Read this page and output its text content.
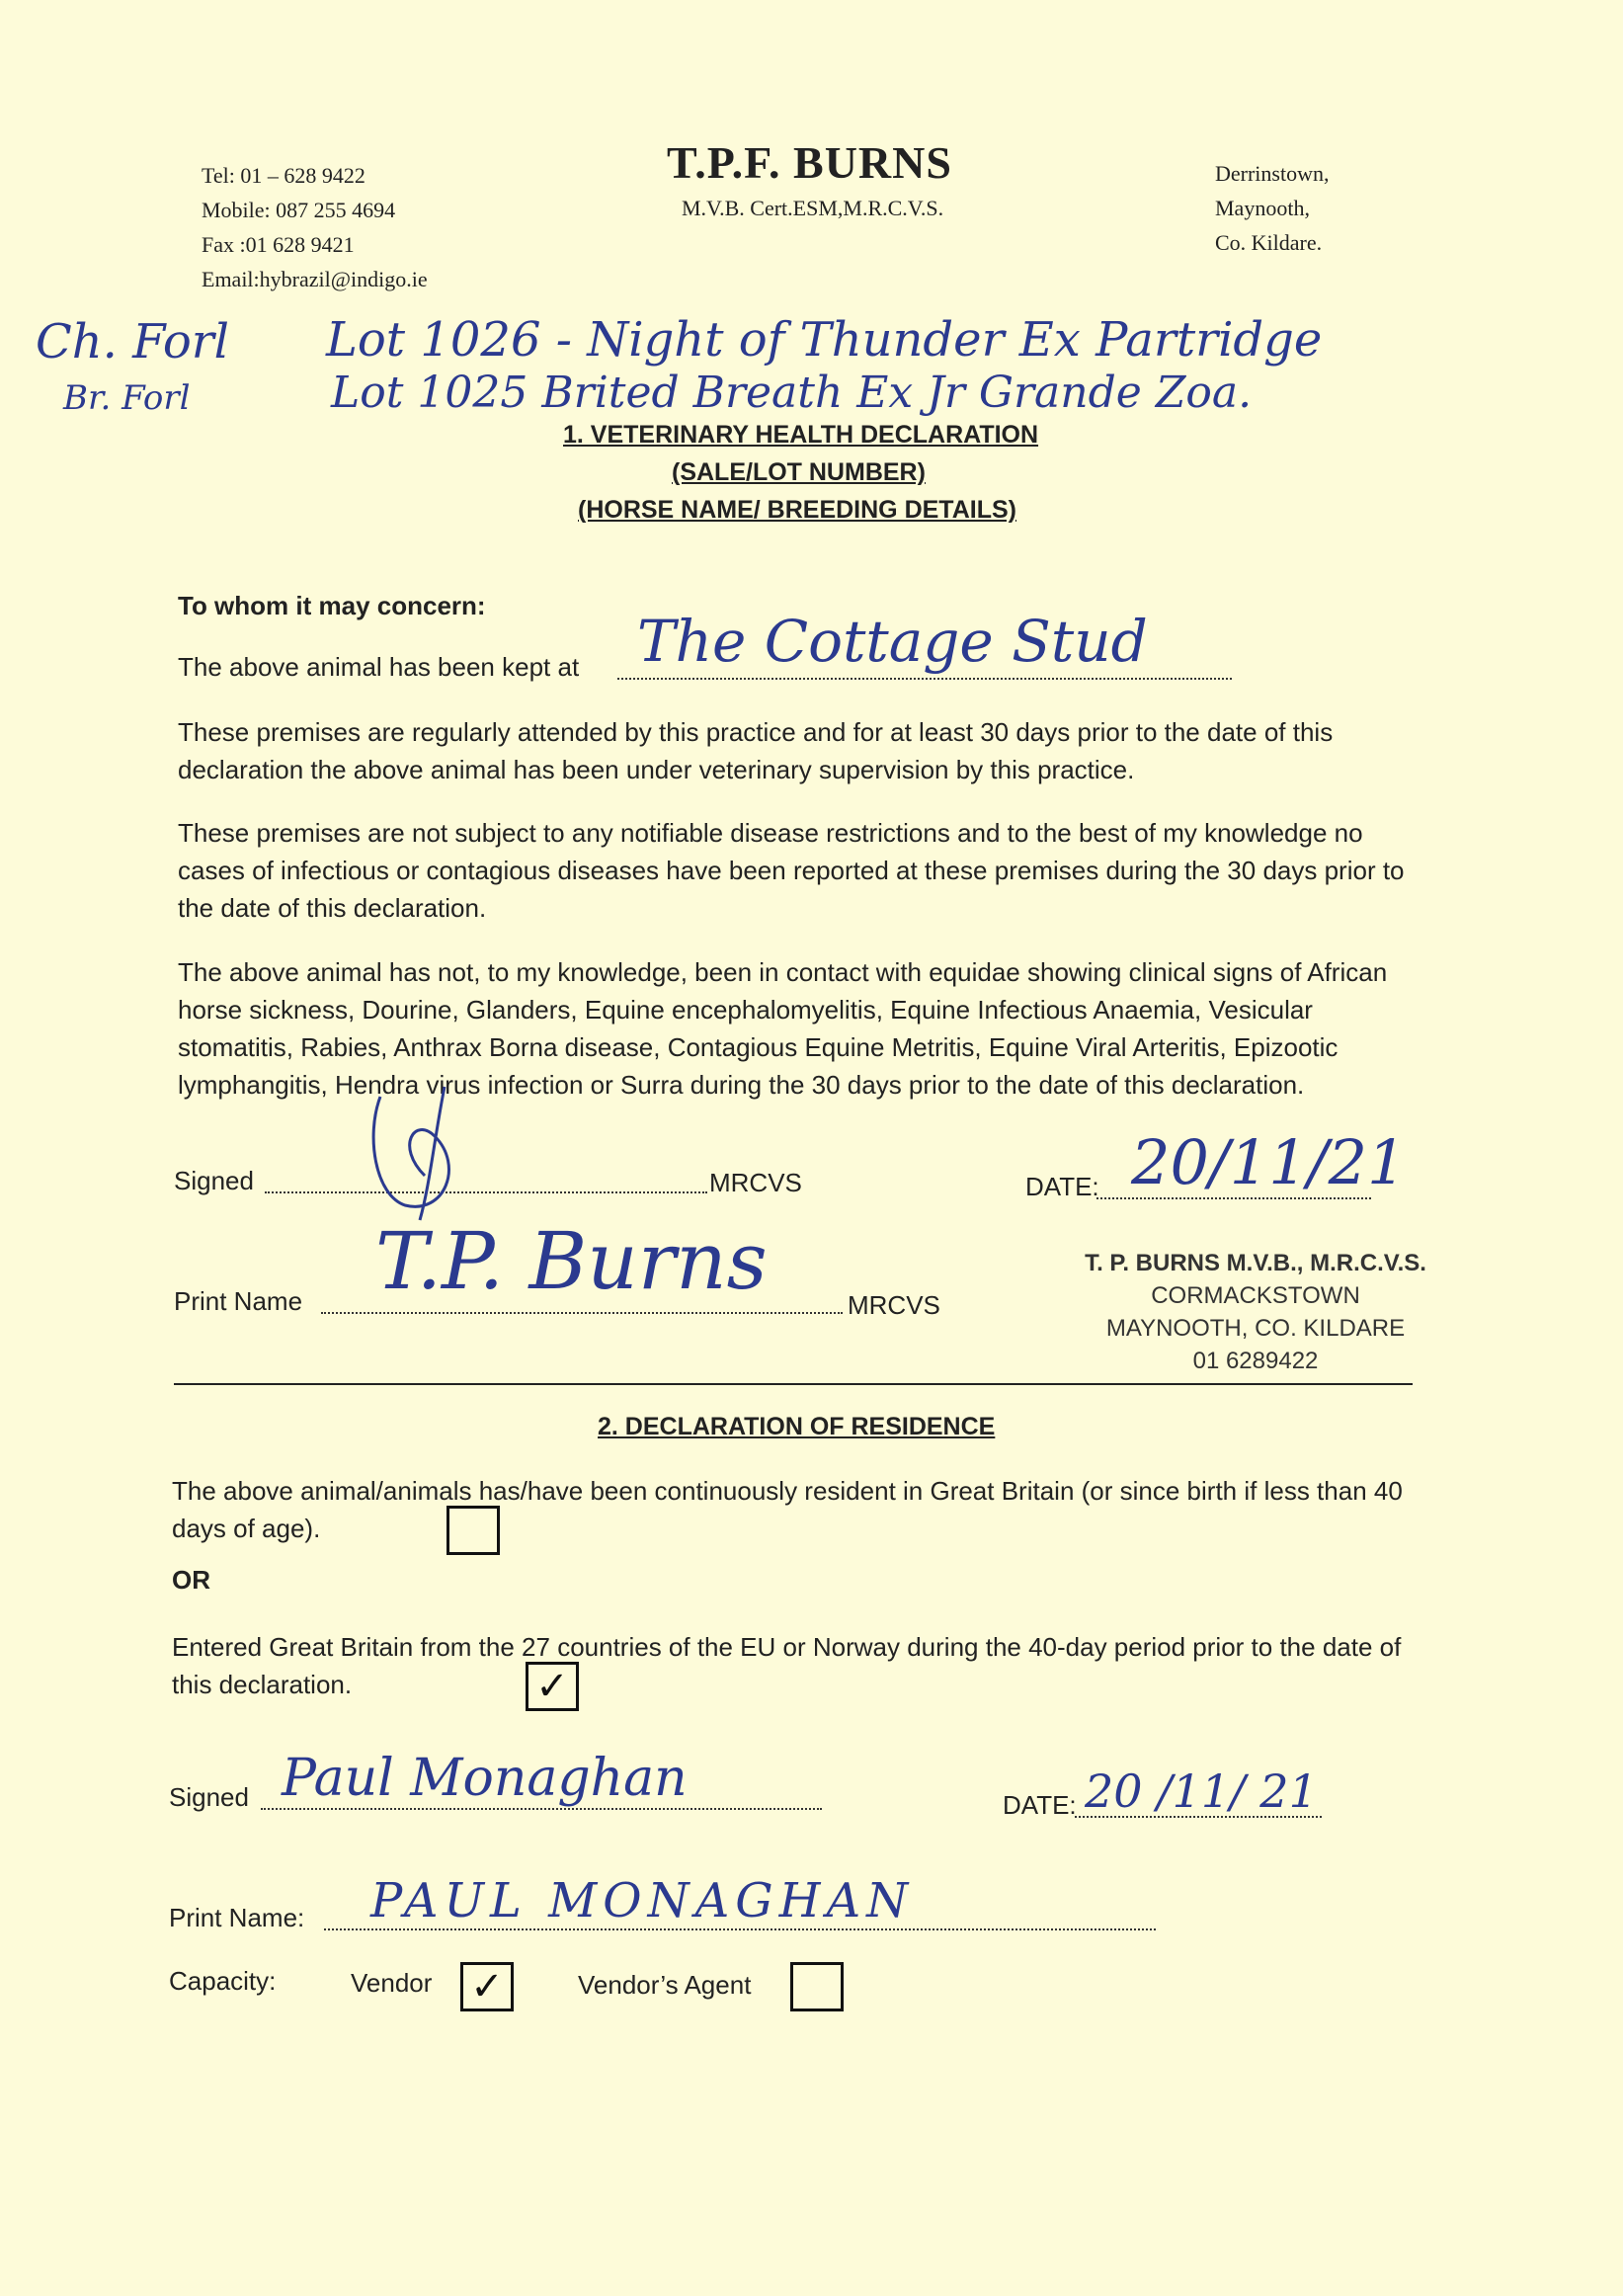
Tel: 01 – 628 9422
Mobile: 087 255 4694
Fax :01 628 9421
Email:hybrazil@indigo.ie
T.P.F. BURNS
M.V.B. Cert.ESM,M.R.C.V.S.
Derrinstown,
Maynooth,
Co. Kildare.
Ch. Forl
Br. Forl
Lot 1026 - Night of Thunder Ex Partridge
Lot 1025 Brited Breath Ex Jr Grande Zoa.
1. VETERINARY HEALTH DECLARATION
(SALE/LOT NUMBER)
(HORSE NAME/ BREEDING DETAILS)
To whom it may concern:
The above animal has been kept at The Cottage Stud
These premises are regularly attended by this practice and for at least 30 days prior to the date of this declaration the above animal has been under veterinary supervision by this practice.
These premises are not subject to any notifiable disease restrictions and to the best of my knowledge no cases of infectious or contagious diseases have been reported at these premises during the 30 days prior to the date of this declaration.
The above animal has not, to my knowledge, been in contact with equidae showing clinical signs of African horse sickness, Dourine, Glanders, Equine encephalomyelitis, Equine Infectious Anaemia, Vesicular stomatitis, Rabies, Anthrax Borna disease, Contagious Equine Metritis, Equine Viral Arteritis, Epizootic lymphangitis, Hendra virus infection or Surra during the 30 days prior to the date of this declaration.
Signed	MRCVS	DATE: 20/11/21
Print Name	MRCVS
T.P. Burns	T. P. BURNS M.V.B., M.R.C.V.S.
CORMACKSTOWN
MAYNOOTH, CO. KILDARE
01 6289422
2. DECLARATION OF RESIDENCE
The above animal/animals has/have been continuously resident in Great Britain (or since birth if less than 40 days of age).
OR
Entered Great Britain from the 27 countries of the EU or Norway during the 40-day period prior to the date of this declaration.	✓
Signed Paul Monaghan	DATE: 20 /11/ 21
Print Name: PAUL MONAGHAN
Capacity:	Vendor ✓	Vendor’s Agent
